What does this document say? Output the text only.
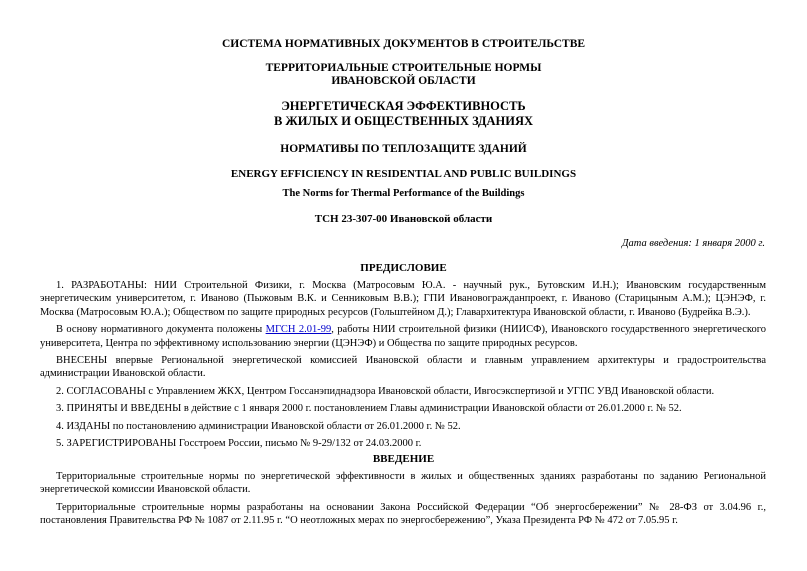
СИСТЕМА НОРМАТИВНЫХ ДОКУМЕНТОВ В СТРОИТЕЛЬСТВЕ
ТЕРРИТОРИАЛЬНЫЕ СТРОИТЕЛЬНЫЕ НОРМЫ
ИВАНОВСКОЙ ОБЛАСТИ
ЭНЕРГЕТИЧЕСКАЯ ЭФФЕКТИВНОСТЬ
В ЖИЛЫХ И ОБЩЕСТВЕННЫХ ЗДАНИЯХ
НОРМАТИВЫ ПО ТЕПЛОЗАЩИТЕ ЗДАНИЙ
ENERGY EFFICIENCY IN RESIDENTIAL AND PUBLIC BUILDINGS
The Norms for Thermal Performance of the Buildings
ТСН 23-307-00 Ивановской области
Дата введения: 1 января 2000 г.
ПРЕДИСЛОВИЕ

1. РАЗРАБОТАНЫ: НИИ Строительной Физики, г. Москва (Матросовым Ю.А. - научный рук., Бутовским И.Н.); Ивановским государственным энергетическим университетом, г. Иваново (Пыжовым В.К. и Сенниковым В.В.); ГПИ Ивановогражданпроект, г. Иваново (Старицыным А.М.); ЦЭНЭФ, г. Москва (Матросовым Ю.А.); Обществом по защите природных ресурсов (Гольштейном Д.); Главархитектура Ивановской области, г. Иваново (Будрейка В.Э.).

В основу нормативного документа положены МГСН 2.01-99, работы НИИ строительной физики (НИИСФ), Ивановского государственного энергетического университета, Центра по эффективному использованию энергии (ЦЭНЭФ) и Общества по защите природных ресурсов.

ВНЕСЕНЫ впервые Региональной энергетической комиссией Ивановской области и главным управлением архитектуры и градостроительства администрации Ивановской области.

2. СОГЛАСОВАНЫ с Управлением ЖКХ, Центром Госсанэпиднадзора Ивановской области, Ивгосэкспертизой и УГПС УВД Ивановской области.

3. ПРИНЯТЫ И ВВЕДЕНЫ в действие с 1 января 2000 г. постановлением Главы администрации Ивановской области от 26.01.2000 г. № 52.

4. ИЗДАНЫ по постановлению администрации Ивановской области от 26.01.2000 г. № 52.

5. ЗАРЕГИСТРИРОВАНЫ Госстроем России, письмо № 9-29/132 от 24.03.2000 г.

ВВЕДЕНИЕ

Территориальные строительные нормы по энергетической эффективности в жилых и общественных зданиях разработаны по заданию Региональной энергетической комиссии Ивановской области.

Территориальные строительные нормы разработаны на основании Закона Российской Федерации “Об энергосбережении” № 28-ФЗ от 3.04.96 г., постановления Правительства РФ № 1087 от 2.11.95 г. “О неотложных мерах по энергосбережению”, Указа Президента РФ № 472 от 7.05.95 г.
